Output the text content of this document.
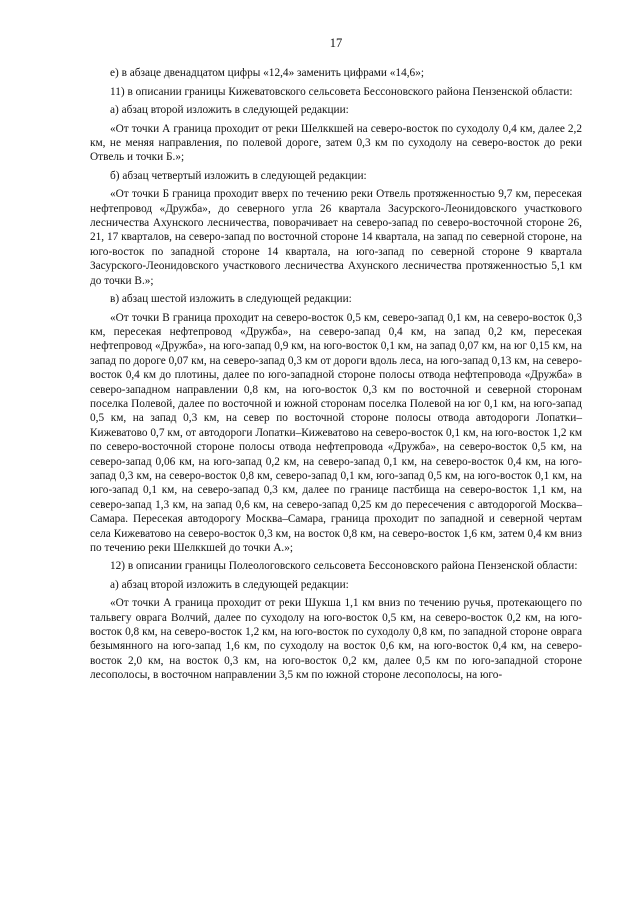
17

е) в абзаце двенадцатом цифры «12,4» заменить цифрами «14,6»;

11) в описании границы Кижеватовского сельсовета Бессоновского района Пензенской области:

а) абзац второй изложить в следующей редакции:

«От точки А граница проходит от реки Шелккшей на северо-восток по суходолу 0,4 км, далее 2,2 км, не меняя направления, по полевой дороге, затем 0,3 км по суходолу на северо-восток до реки Отвель и точки Б.»;

б) абзац четвертый изложить в следующей редакции:

«От точки Б граница проходит вверх по течению реки Отвель протяженностью 9,7 км, пересекая нефтепровод «Дружба», до северного угла 26 квартала Засурского-Леонидовского участкового лесничества Ахунского лесничества, поворачивает на северо-запад по северо-восточной стороне 26, 21, 17 кварталов, на северо-запад по восточной стороне 14 квартала, на запад по северной стороне, на юго-восток по западной стороне 14 квартала, на юго-запад по северной стороне 9 квартала Засурского-Леонидовского участкового лесничества Ахунского лесничества протяженностью 5,1 км до точки В.»;

в) абзац шестой изложить в следующей редакции:

«От точки В граница проходит на северо-восток 0,5 км, северо-запад 0,1 км, на северо-восток 0,3 км, пересекая нефтепровод «Дружба», на северо-запад 0,4 км, на запад 0,2 км, пересекая нефтепровод «Дружба», на юго-запад 0,9 км, на юго-восток 0,1 км, на запад 0,07 км, на юг 0,15 км, на запад по дороге 0,07 км, на северо-запад 0,3 км от дороги вдоль леса, на юго-запад 0,13 км, на северо-восток 0,4 км до плотины, далее по юго-западной стороне полосы отвода нефтепровода «Дружба» в северо-западном направлении 0,8 км, на юго-восток 0,3 км по восточной и северной сторонам поселка Полевой, далее по восточной и южной сторонам поселка Полевой на юг 0,1 км, на юго-запад 0,5 км, на запад 0,3 км, на север по восточной стороне полосы отвода автодороги Лопатки–Кижеватово 0,7 км, от автодороги Лопатки–Кижеватово на северо-восток 0,1 км, на юго-восток 1,2 км по северо-восточной стороне полосы отвода нефтепровода «Дружба», на северо-восток 0,5 км, на северо-запад 0,06 км, на юго-запад 0,2 км, на северо-запад 0,1 км, на северо-восток 0,4 км, на юго-запад 0,3 км, на северо-восток 0,8 км, северо-запад 0,1 км, юго-запад 0,5 км, на юго-восток 0,1 км, на юго-запад 0,1 км, на северо-запад 0,3 км, далее по границе пастбища на северо-восток 1,1 км, на северо-запад 1,3 км, на запад 0,6 км, на северо-запад 0,25 км до пересечения с автодорогой Москва–Самара. Пересекая автодорогу Москва–Самара, граница проходит по западной и северной чертам села Кижеватово на северо-восток 0,3 км, на восток 0,8 км, на северо-восток 1,6 км, затем 0,4 км вниз по течению реки Шелккшей до точки А.»;

12) в описании границы Полеологовского сельсовета Бессоновского района Пензенской области:

а) абзац второй изложить в следующей редакции:

«От точки А граница проходит от реки Шукша 1,1 км вниз по течению ручья, протекающего по тальвегу оврага Волчий, далее по суходолу на юго-восток 0,5 км, на северо-восток 0,2 км, на юго-восток 0,8 км, на северо-восток 1,2 км, на юго-восток по суходолу 0,8 км, по западной стороне оврага безымянного на юго-запад 1,6 км, по суходолу на восток 0,6 км, на юго-восток 0,4 км, на северо-восток 2,0 км, на восток 0,3 км, на юго-восток 0,2 км, далее 0,5 км по юго-западной стороне лесополосы, в восточном направлении 3,5 км по южной стороне лесополосы, на юго-
